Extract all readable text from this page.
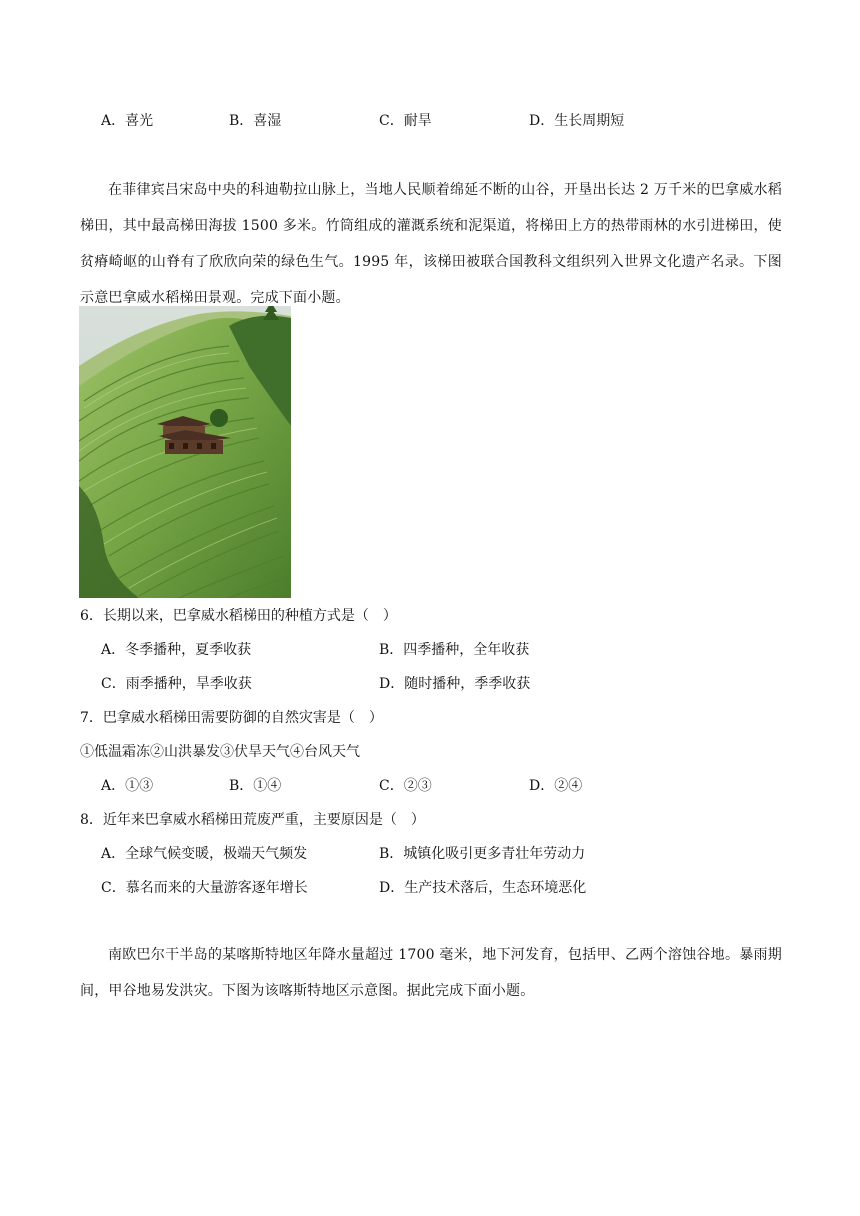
A．喜光	B．喜湿	C．耐旱	D．生长周期短
在菲律宾吕宋岛中央的科迪勒拉山脉上，当地人民顺着绵延不断的山谷，开垦出长达 2 万千米的巴拿威水稻梯田，其中最高梯田海拔 1500 多米。竹筒组成的灌溉系统和泥渠道，将梯田上方的热带雨林的水引进梯田，使贫瘠崎岖的山脊有了欣欣向荣的绿色生气。1995 年，该梯田被联合国教科文组织列入世界文化遗产名录。下图示意巴拿威水稻梯田景观。完成下面小题。
6．长期以来，巴拿威水稻梯田的种植方式是（　）
A．冬季播种，夏季收获	B．四季播种，全年收获
C．雨季播种，旱季收获	D．随时播种，季季收获
7．巴拿威水稻梯田需要防御的自然灾害是（　）
①低温霜冻②山洪暴发③伏旱天气④台风天气
A．①③	B．①④	C．②③	D．②④
8．近年来巴拿威水稻梯田荒废严重，主要原因是（　）
A．全球气候变暖，极端天气频发	B．城镇化吸引更多青壮年劳动力
C．慕名而来的大量游客逐年增长	D．生产技术落后，生态环境恶化
南欧巴尔干半岛的某喀斯特地区年降水量超过 1700 毫米，地下河发育，包括甲、乙两个溶蚀谷地。暴雨期间，甲谷地易发洪灾。下图为该喀斯特地区示意图。据此完成下面小题。
